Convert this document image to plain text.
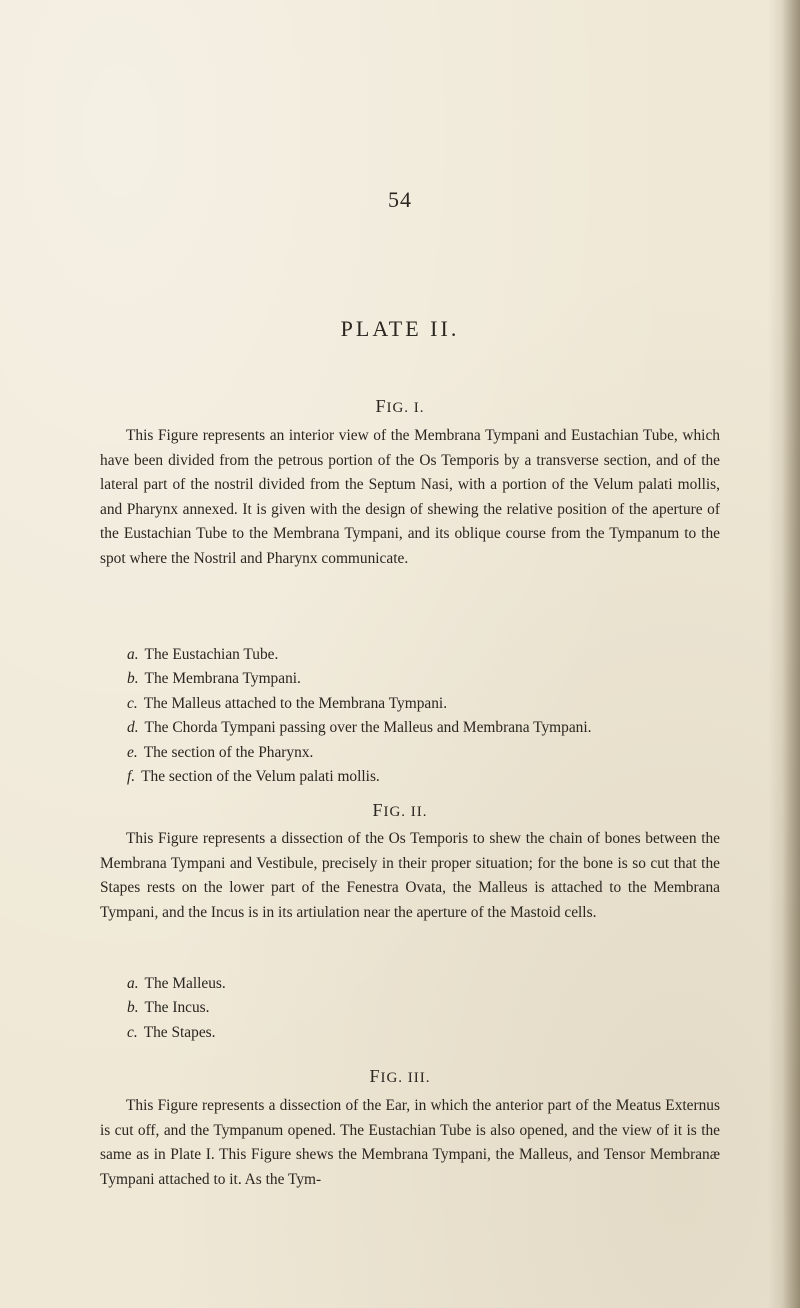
54
PLATE II.
FIG. I.

This Figure represents an interior view of the Membrana Tympani and Eustachian Tube, which have been divided from the petrous portion of the Os Temporis by a transverse section, and of the lateral part of the nostril divided from the Septum Nasi, with a portion of the Velum palati mollis, and Pharynx annexed. It is given with the design of shewing the relative position of the aperture of the Eustachian Tube to the Membrana Tympani, and its oblique course from the Tympanum to the spot where the Nostril and Pharynx communicate.

a. The Eustachian Tube.
b. The Membrana Tympani.
c. The Malleus attached to the Membrana Tympani.
d. The Chorda Tympani passing over the Malleus and Membrana Tympani.
e. The section of the Pharynx.
f. The section of the Velum palati mollis.
FIG. II.

This Figure represents a dissection of the Os Temporis to shew the chain of bones between the Membrana Tympani and Vestibule, precisely in their proper situation; for the bone is so cut that the Stapes rests on the lower part of the Fenestra Ovata, the Malleus is attached to the Membrana Tympani, and the Incus is in its artiulation near the aperture of the Mastoid cells.

a. The Malleus.
b. The Incus.
c. The Stapes.
FIG. III.

This Figure represents a dissection of the Ear, in which the anterior part of the Meatus Externus is cut off, and the Tympanum opened. The Eustachian Tube is also opened, and the view of it is the same as in Plate I. This Figure shews the Membrana Tympani, the Malleus, and Tensor Membranæ Tympani attached to it. As the Tym-
